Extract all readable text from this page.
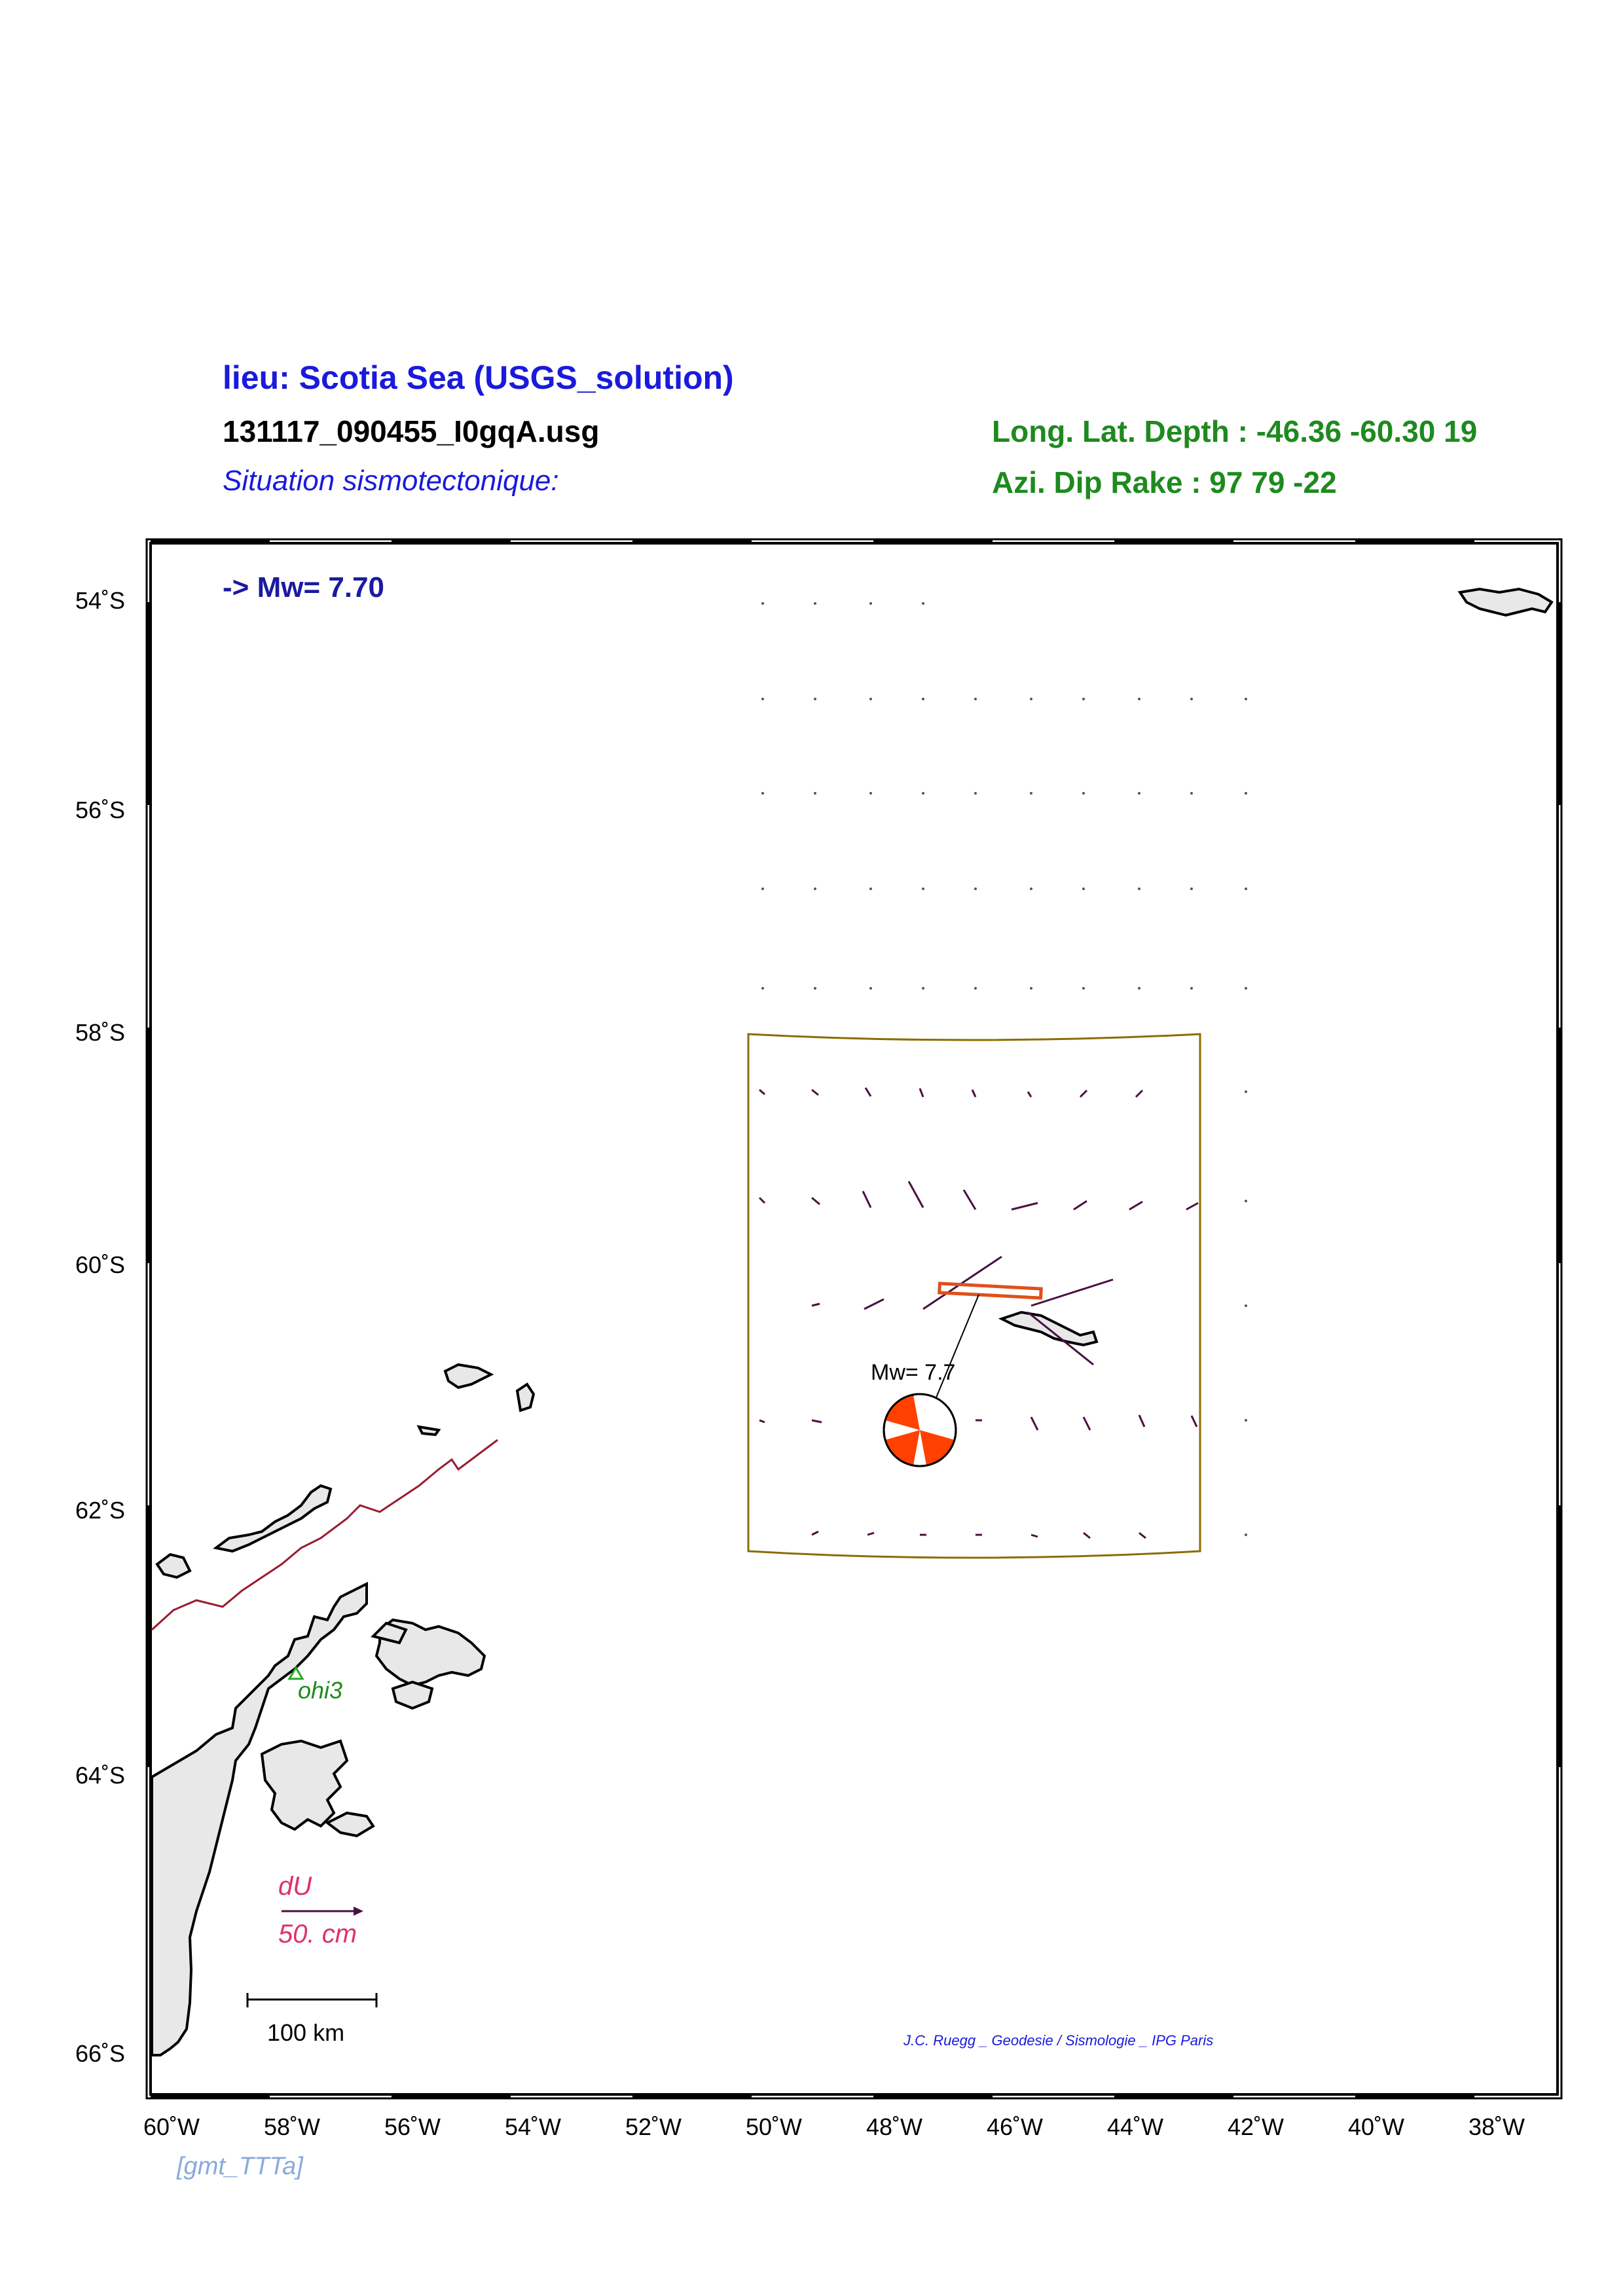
lieu: Scotia Sea (USGS_solution)
131117_090455_I0gqA.usg
Situation sismotectonique:
Long. Lat. Depth : -46.36 -60.30 19
Azi. Dip Rake : 97 79 -22
54˚S
56˚S
58˚S
60˚S
62˚S
64˚S
66˚S
60˚W	58˚W	56˚W	54˚W	52˚W	50˚W	48˚W	46˚W	44˚W	42˚W	40˚W	38˚W
-> Mw= 7.70
Mw= 7.7
ohi3
dU
50. cm
100 km	J.C. Ruegg _ Geodesie / Sismologie _ IPG Paris
[gmt_TTTa]
